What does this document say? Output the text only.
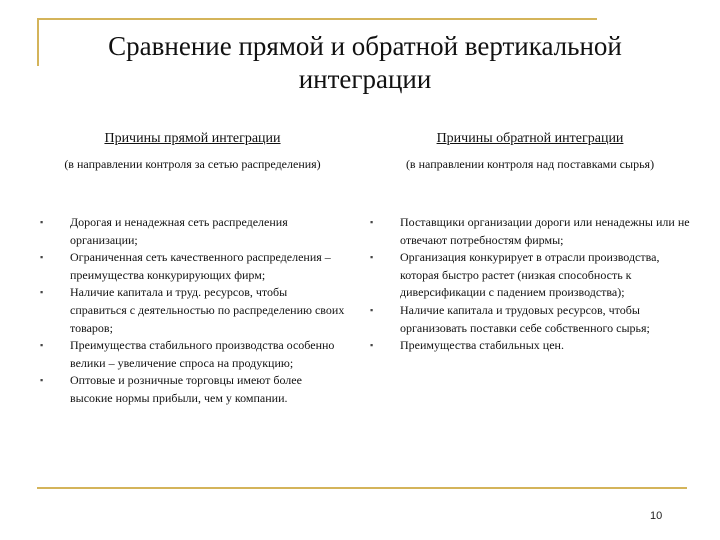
Сравнение прямой и обратной вертикальной интеграции

Причины прямой интеграции

(в направлении контроля за сетью распределения)

▪ Дорогая и ненадежная сеть распределения организации;
▪ Ограниченная сеть качественного распределения – преимущества конкурирующих фирм;
▪ Наличие капитала и труд. ресурсов, чтобы справиться с деятельностью по распределению своих товаров;
▪ Преимущества стабильного производства особенно велики – увеличение спроса на продукцию;
▪ Оптовые и розничные торговцы имеют более высокие нормы прибыли, чем у компании.

Причины обратной интеграции

(в направлении контроля над поставками сырья)

▪ Поставщики организации дороги или ненадежны или не отвечают потребностям фирмы;
▪ Организация конкурирует в отрасли производства, которая быстро растет (низкая способность к диверсификации с падением производства);
▪ Наличие капитала и трудовых ресурсов, чтобы организовать поставки себе собственного сырья;
▪ Преимущества стабильных цен.
10
